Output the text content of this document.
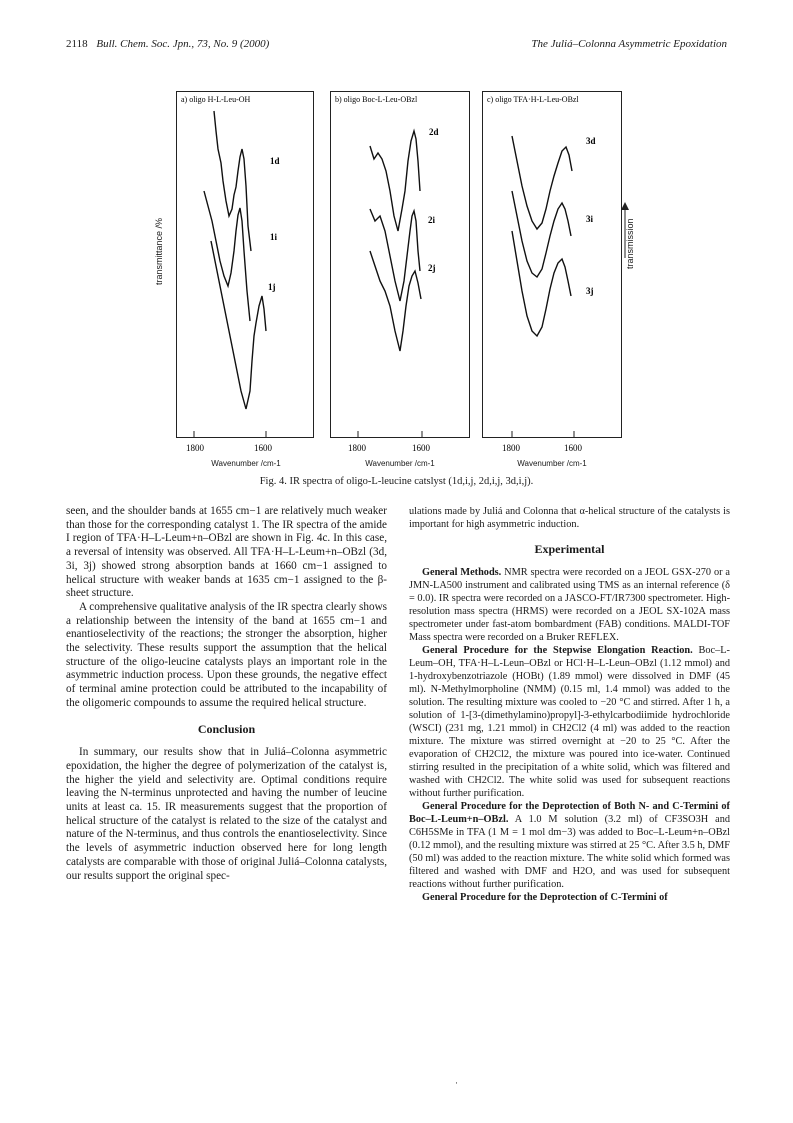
2118 Bull. Chem. Soc. Jpn., 73, No. 9 (2000)	The Juliá–Colonna Asymmetric Epoxidation
transmittance /%	transmission
a) oligo H-L-Leu-OH
1d
1i
1j
1800	1600
b) oligo Boc-L-Leu-OBzl
2d
2i
2j
1800	1600
c) oligo TFA·H-L-Leu-OBzl
3d
3i
3j
1800	1600
Wavenumber /cm-1	Wavenumber /cm-1	Wavenumber /cm-1
Fig. 4. IR spectra of oligo-L-leucine catslyst (1d,i,j, 2d,i,j, 3d,i,j).

seen, and the shoulder bands at 1655 cm−1 are relatively much weaker than those for the corresponding catalyst 1. The IR spectra of the amide I region of TFA·H–L-Leum+n–OBzl are shown in Fig. 4c. In this case, a reversal of intensity was observed. All TFA·H–L-Leum+n–OBzl (3d, 3i, 3j) showed strong absorption bands at 1660 cm−1 assigned to helical structure with weaker bands at 1635 cm−1 assigned to the β-sheet structure.

A comprehensive qualitative analysis of the IR spectra clearly shows a relationship between the intensity of the band at 1655 cm−1 and enantioselectivity of the reactions; the stronger the absorption, higher the selectivity. These results support the assumption that the helical structure of the oligo-leucine catalysts plays an important role in the asymmetric induction process. Upon these grounds, the negative effect of terminal amine protection could be attributed to the incapability of the oligomeric compounds to assume the required helical structure.

Conclusion

In summary, our results show that in Juliá–Colonna asymmetric epoxidation, the higher the degree of polymerization of the catalyst is, the higher the yield and selectivity are. Optimal conditions require leaving the N-terminus unprotected and having the number of leucine units at least ca. 15. IR measurements suggest that the proportion of helical structure of the catalyst is related to the size of the catalyst and nature of the N-terminus, and thus controls the enantioselectivity. Since the levels of asymmetric induction observed here for long length catalysts are comparable with those of original Juliá–Colonna catalysts, our results support the original spec-

ulations made by Juliá and Colonna that α-helical structure of the catalysts is important for high asymmetric induction.

Experimental

General Methods. NMR spectra were recorded on a JEOL GSX-270 or a JMN-LA500 instrument and calibrated using TMS as an internal reference (δ = 0.0). IR spectra were recorded on a JASCO-FT/IR7300 spectrometer. High-resolution mass spectra (HRMS) were recorded on a JEOL SX-102A mass spectrometer under fast-atom bombardment (FAB) conditions. MALDI-TOF Mass spectra were recorded on a Bruker REFLEX.

General Procedure for the Stepwise Elongation Reaction. Boc–L-Leum–OH, TFA·H–L-Leun–OBzl or HCl·H–L-Leun–OBzl (1.12 mmol) and 1-hydroxybenzotriazole (HOBt) (1.89 mmol) were dissolved in DMF (45 ml). N-Methylmorpholine (NMM) (0.15 ml, 1.4 mmol) was added to the solution. The resulting mixture was cooled to −20 °C and stirred. After 1 h, a solution of 1-[3-(dimethylamino)propyl]-3-ethylcarbodiimide hydrochloride (WSCI) (231 mg, 1.21 mmol) in CH2Cl2 (4 ml) was added to the reaction mixture. The mixture was stirred overnight at −20 to 25 °C. After the evaporation of CH2Cl2, the mixture was poured into ice-water. Continued stirring resulted in the precipitation of a white solid, which was filtered and washed with CH2Cl2. The white solid was used for subsequent reactions without further purification.

General Procedure for the Deprotection of Both N- and C-Termini of Boc–L-Leum+n–OBzl. A 1.0 M solution (3.2 ml) of CF3SO3H and C6H5SMe in TFA (1 M = 1 mol dm−3) was added to Boc–L-Leum+n–OBzl (0.12 mmol), and the resulting mixture was stirred at 25 °C. After 3.5 h, DMF (50 ml) was added to the reaction mixture. The white solid which formed was filtered and washed with DMF and H2O, and was used for subsequent reactions without further purification.

General Procedure for the Deprotection of C-Termini of

·
